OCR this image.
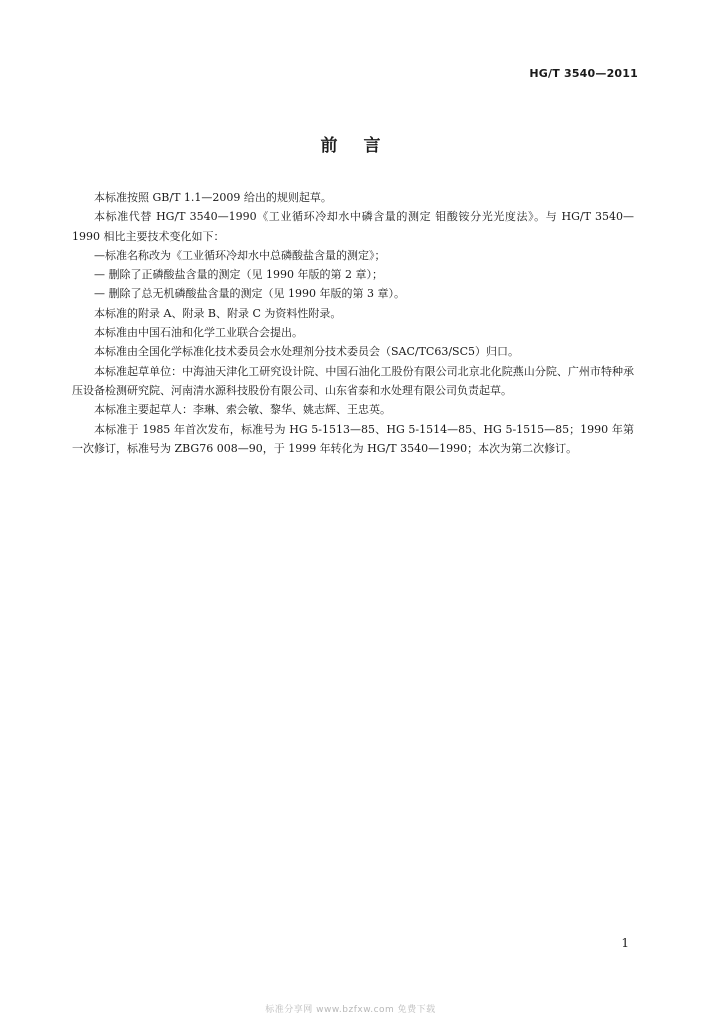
HG/T 3540—2011
前言

本标准按照 GB/T 1.1—2009 给出的规则起草。

本标准代替 HG/T 3540—1990《工业循环冷却水中磷含量的测定 钼酸铵分光光度法》。与 HG/T 3540—1990 相比主要技术变化如下：

—标准名称改为《工业循环冷却水中总磷酸盐含量的测定》；

— 删除了正磷酸盐含量的测定（见 1990 年版的第 2 章）；

— 删除了总无机磷酸盐含量的测定（见 1990 年版的第 3 章）。

本标准的附录 A、附录 B、附录 C 为资料性附录。

本标准由中国石油和化学工业联合会提出。

本标准由全国化学标准化技术委员会水处理剂分技术委员会（SAC/TC63/SC5）归口。

本标准起草单位：中海油天津化工研究设计院、中国石油化工股份有限公司北京北化院燕山分院、广州市特种承压设备检测研究院、河南清水源科技股份有限公司、山东省泰和水处理有限公司负责起草。

本标准主要起草人：李琳、索会敏、黎华、姚志辉、王忠英。

本标准于 1985 年首次发布，标准号为 HG 5-1513—85、HG 5-1514—85、HG 5-1515—85；1990 年第一次修订，标准号为 ZBG76 008—90，于 1999 年转化为 HG/T 3540—1990；本次为第二次修订。

1
标准分享网 www.bzfxw.com 免费下载
